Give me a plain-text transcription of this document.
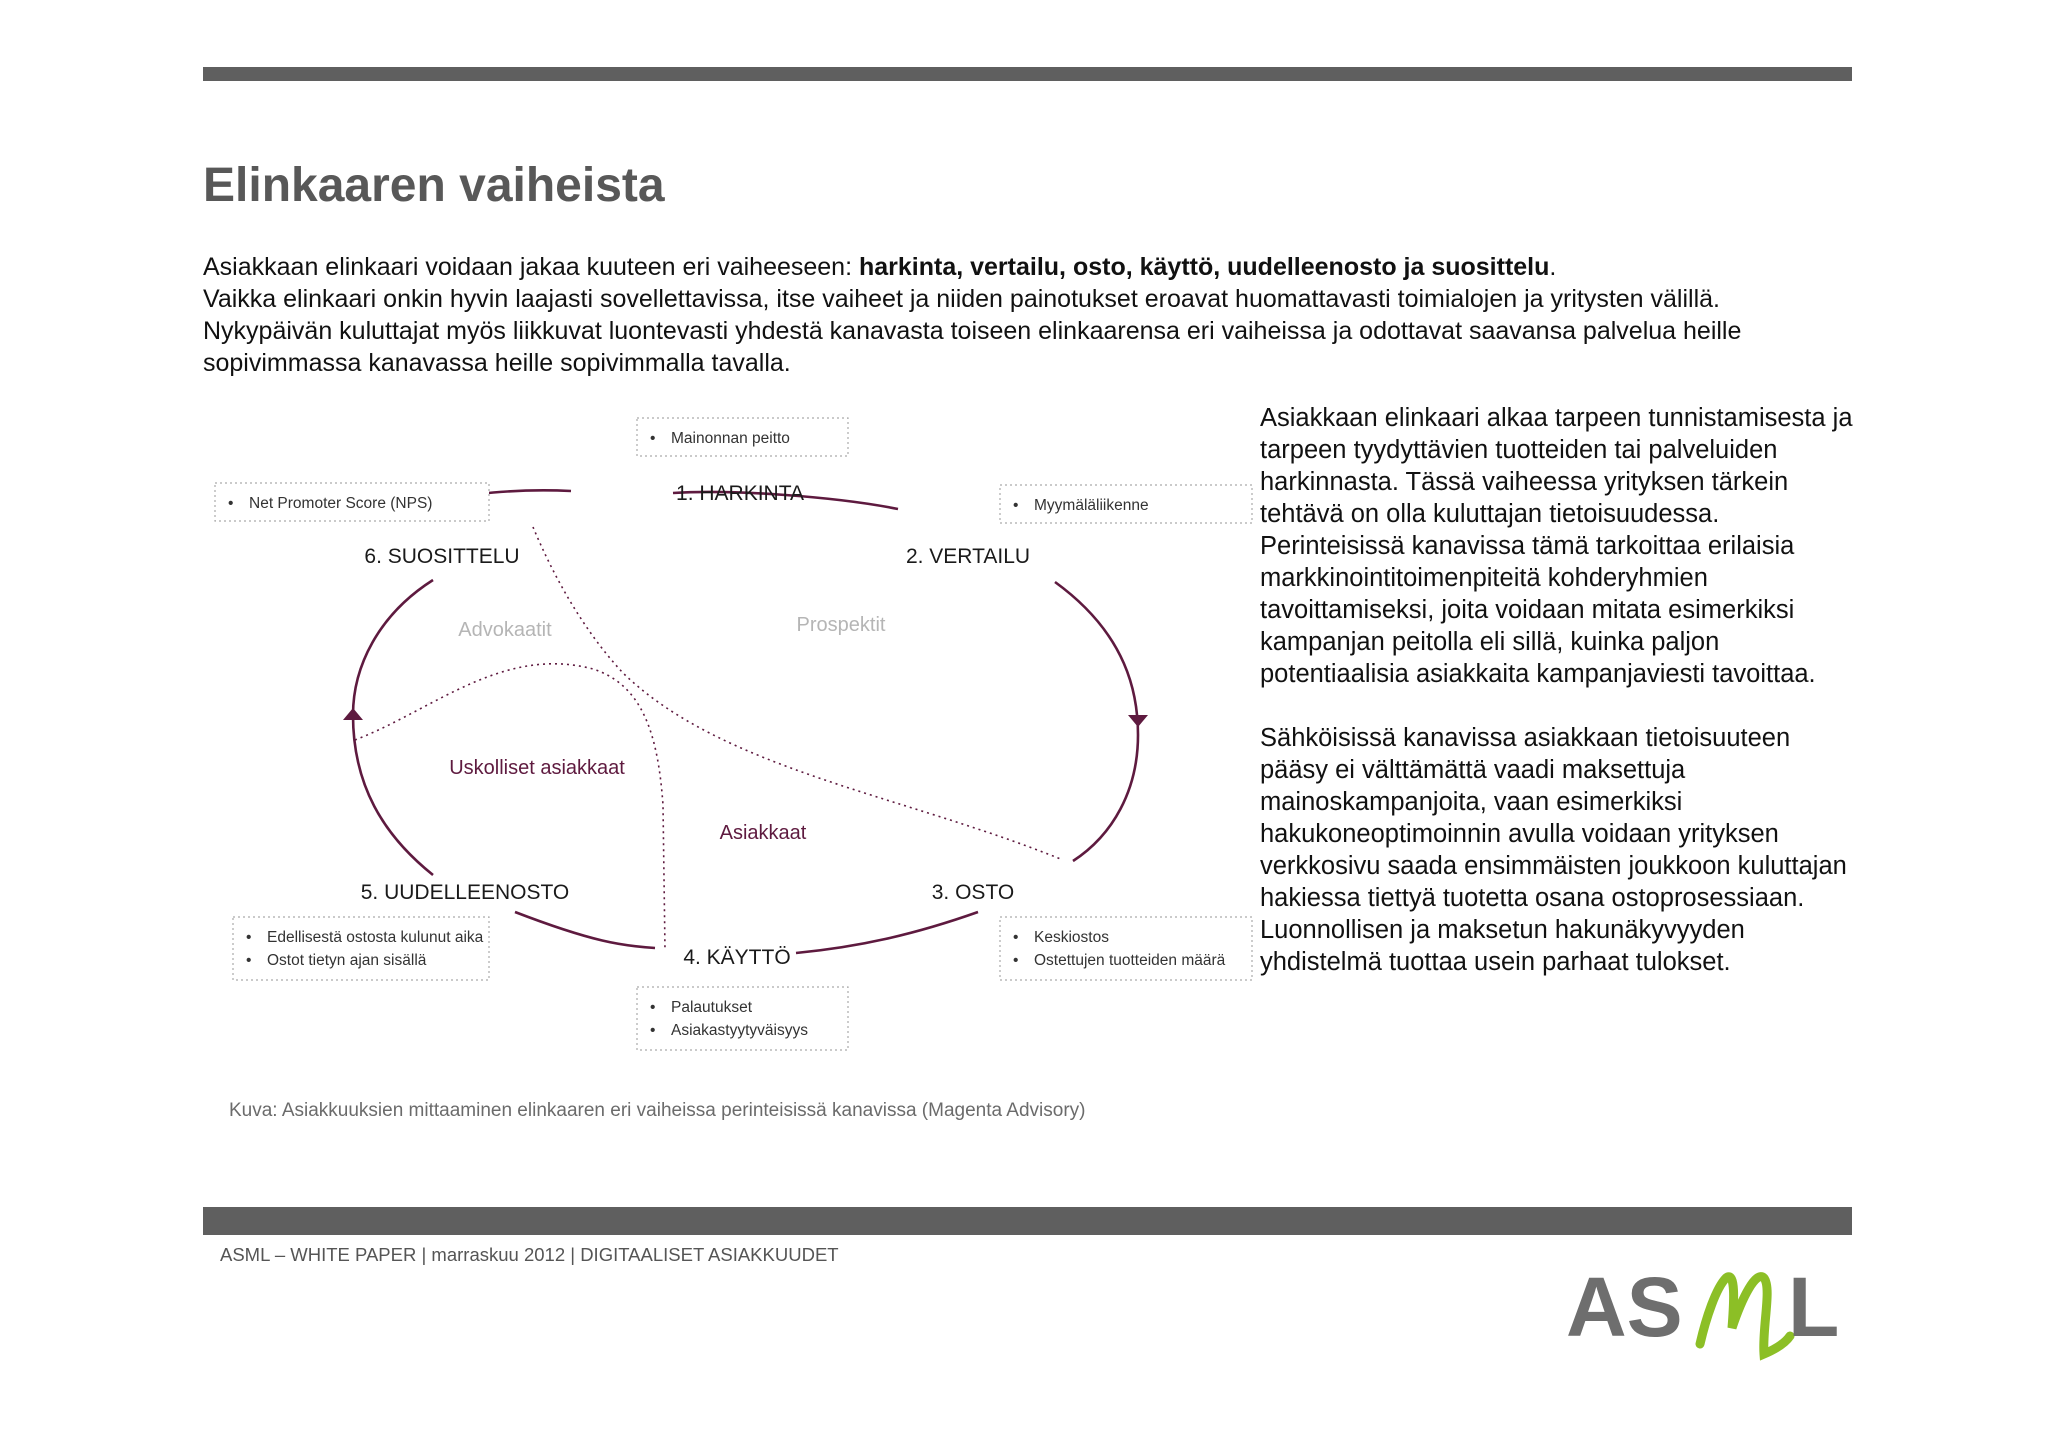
Elinkaaren vaiheista

Asiakkaan elinkaari voidaan jakaa kuuteen eri vaiheeseen: harkinta, vertailu, osto, käyttö, uudelleenosto ja suosittelu.

Vaikka elinkaari onkin hyvin laajasti sovellettavissa, itse vaiheet ja niiden painotukset eroavat huomattavasti toimialojen ja yritysten välillä.

Nykypäivän kuluttajat myös liikkuvat luontevasti yhdestä kanavasta toiseen elinkaarensa eri vaiheissa ja odottavat saavansa palvelua heille sopivimmassa kanavassa heille sopivimmalla tavalla.

1. HARKINTA
2. VERTAILU
3. OSTO
4. KÄYTTÖ
5. UUDELLEENOSTO
6. SUOSITTELU
Prospektit
Advokaatit
Uskolliset asiakkaat
Asiakkaat
• Mainonnan peitto
• Myymäläliikenne
• Net Promoter Score (NPS)
• Edellisestä ostosta kulunut aika
• Ostot tietyn ajan sisällä
• Keskiostos
• Ostettujen tuotteiden määrä
• Palautukset
• Asiakastyytyväisyys

Asiakkaan elinkaari alkaa tarpeen tunnistamisesta ja tarpeen tyydyttävien tuotteiden tai palveluiden harkinnasta. Tässä vaiheessa yrityksen tärkein tehtävä on olla kuluttajan tietoisuudessa. Perinteisissä kanavissa tämä tarkoittaa erilaisia markkinointitoimenpiteitä kohderyhmien tavoittamiseksi, joita voidaan mitata esimerkiksi kampanjan peitolla eli sillä, kuinka paljon potentiaalisia asiakkaita kampanjaviesti tavoittaa.

Sähköisissä kanavissa asiakkaan tietoisuuteen pääsy ei välttämättä vaadi maksettuja mainoskampanjoita, vaan esimerkiksi hakukoneoptimoinnin avulla voidaan yrityksen verkkosivu saada ensimmäisten joukkoon kuluttajan hakiessa tiettyä tuotetta osana ostoprosessiaan. Luonnollisen ja maksetun hakunäkyvyyden yhdistelmä tuottaa usein parhaat tulokset.

Kuva: Asiakkuuksien mittaaminen elinkaaren eri vaiheissa perinteisissä kanavissa (Magenta Advisory)
ASML – WHITE PAPER | marraskuu 2012 | DIGITAALISET ASIAKKUUDET
AS L
